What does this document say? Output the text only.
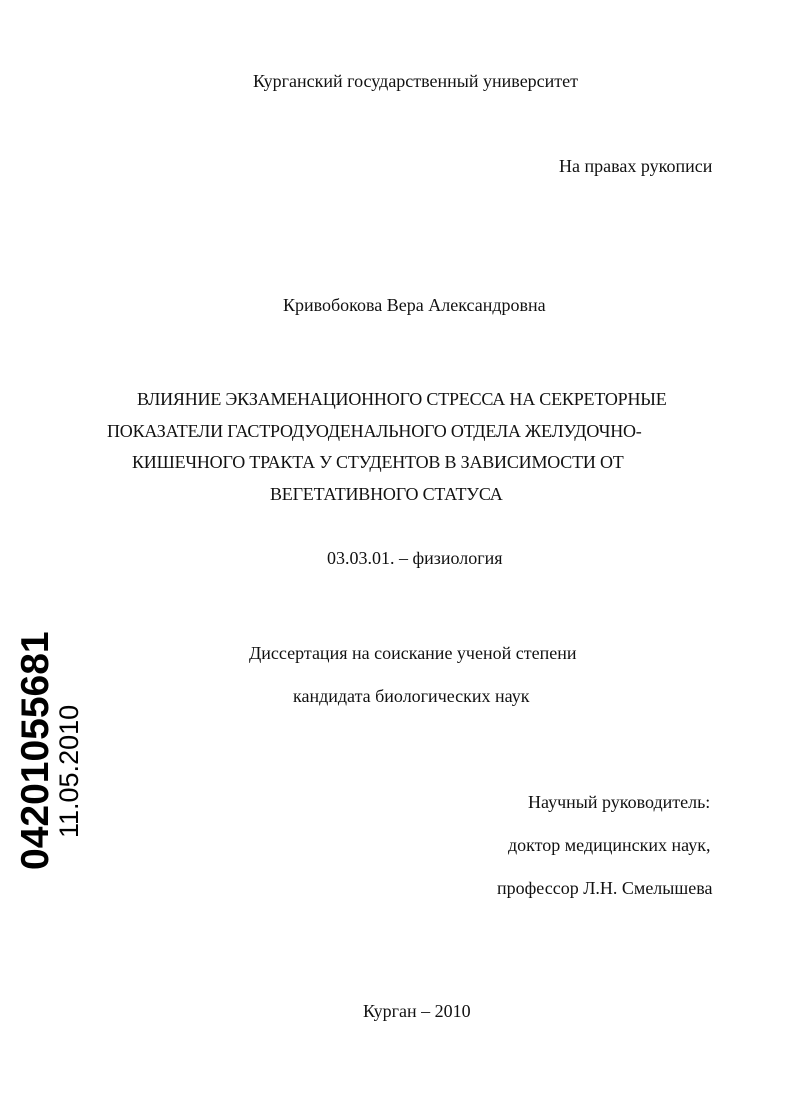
Курганский государственный университет
На правах рукописи
Кривобокова Вера Александровна
ВЛИЯНИЕ ЭКЗАМЕНАЦИОННОГО СТРЕССА НА СЕКРЕТОРНЫЕ
ПОКАЗАТЕЛИ ГАСТРОДУОДЕНАЛЬНОГО ОТДЕЛА ЖЕЛУДОЧНО-
КИШЕЧНОГО ТРАКТА У СТУДЕНТОВ В ЗАВИСИМОСТИ ОТ
ВЕГЕТАТИВНОГО СТАТУСА
03.03.01. – физиология
Диссертация на соискание ученой степени
кандидата биологических наук
Научный руководитель:
доктор медицинских наук,
профессор Л.Н. Смелышева
Курган – 2010
04201055681
11.05.2010
